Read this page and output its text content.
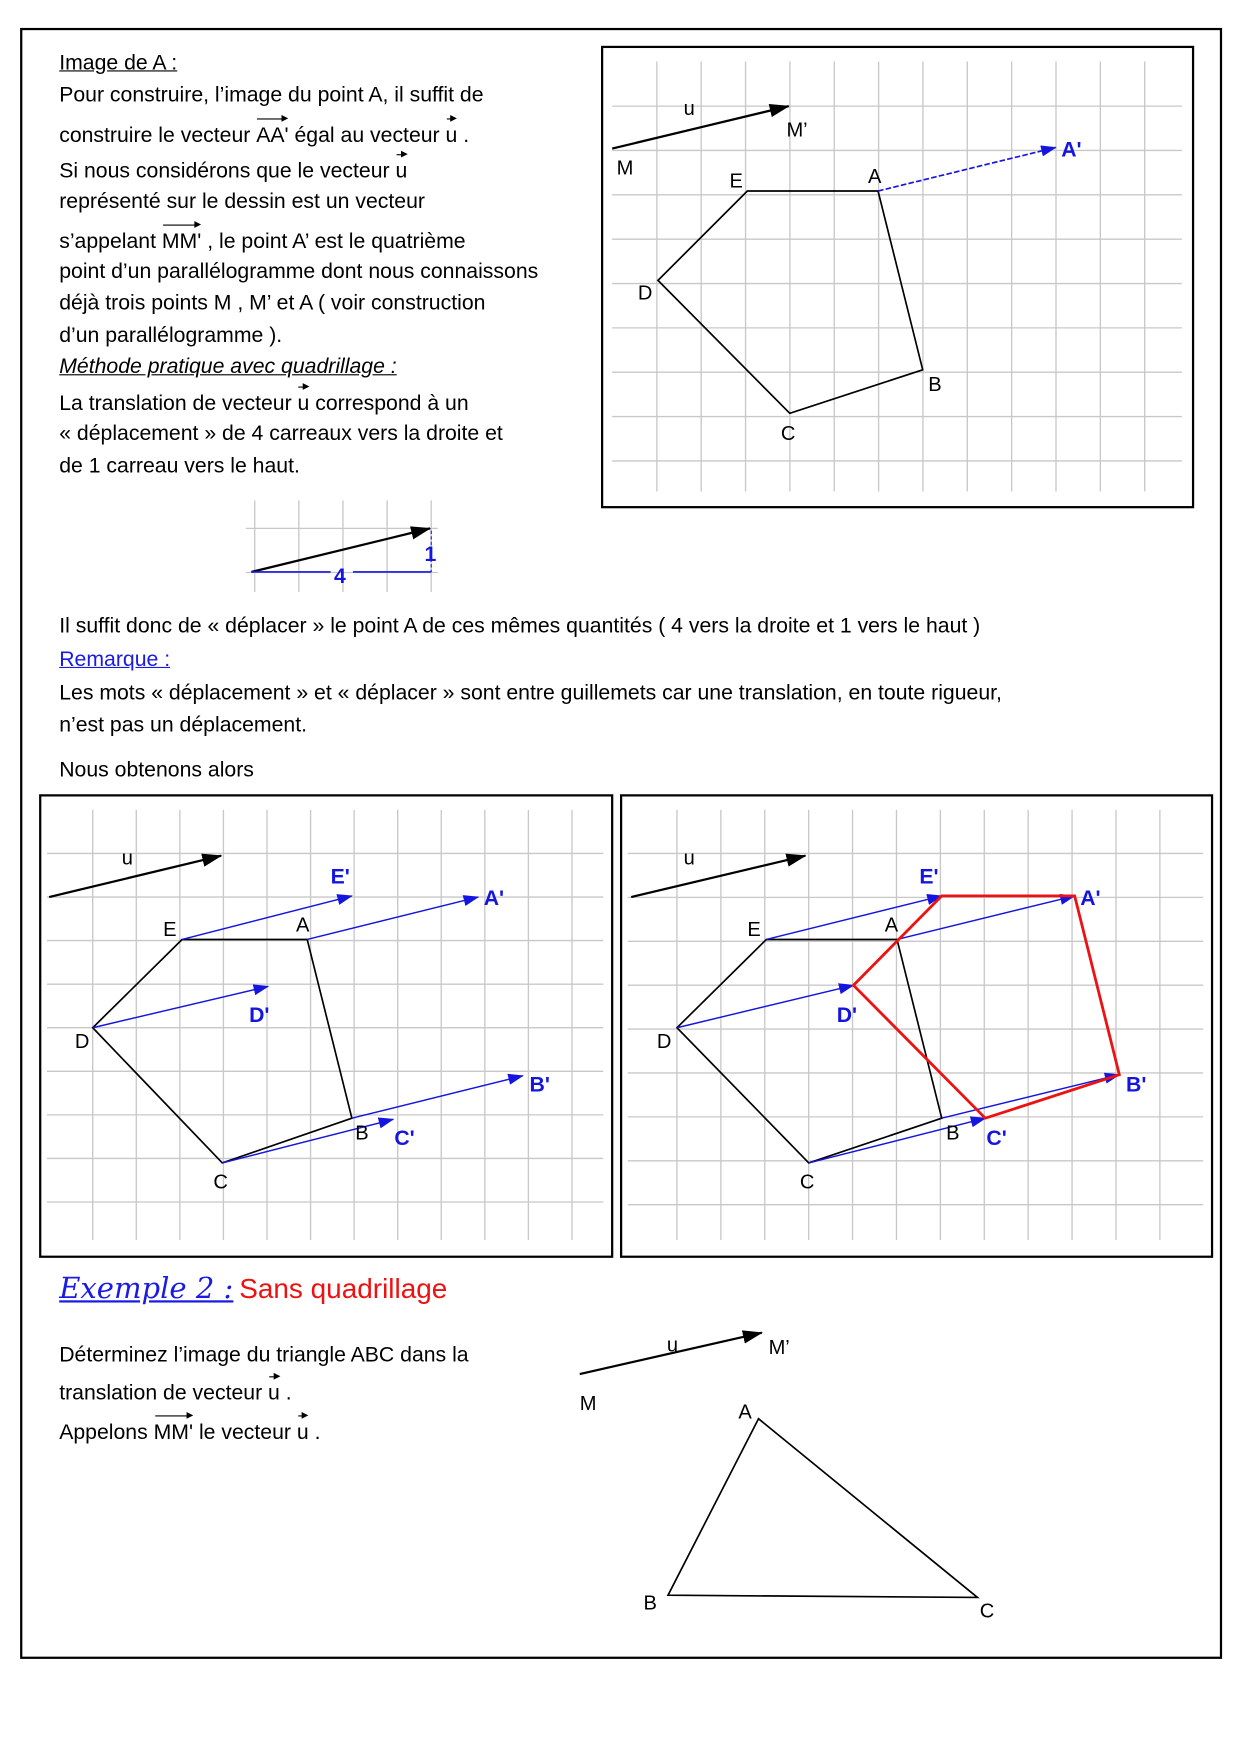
Image de A :
Pour construire, l’image du point A, il suffit de
construire le vecteur AA' égal au vecteur u .
Si nous considérons que le vecteur u
représenté sur le dessin est un vecteur
s’appelant MM' , le point A’ est le quatrième
point d’un parallélogramme dont nous connaissons
déjà trois points M , M’ et A ( voir construction
d’un parallélogramme ).
Méthode pratique avec quadrillage :
La translation de vecteur u correspond à un
« déplacement » de 4 carreaux vers la droite et
de 1 carreau vers le haut.
Il suffit donc de « déplacer » le point A de ces mêmes quantités ( 4 vers la droite et 1 vers le haut )
Remarque :
Les mots « déplacement » et « déplacer » sont entre guillemets car une translation, en toute rigueur,
n’est pas un déplacement.
Nous obtenons alors
Exemple 2 : Sans quadrillage
Déterminez l’image du triangle ABC dans la
translation de vecteur u .
Appelons MM' le vecteur u .
u
M’
M
E	A
A'
D
B
C
4
1
u
E	A
D
B
C
E'
A'
D'
B'
C'
u
E	A
D
B
C
E'
A'
D'
B'
C'
u	M’
M	A
B	C
